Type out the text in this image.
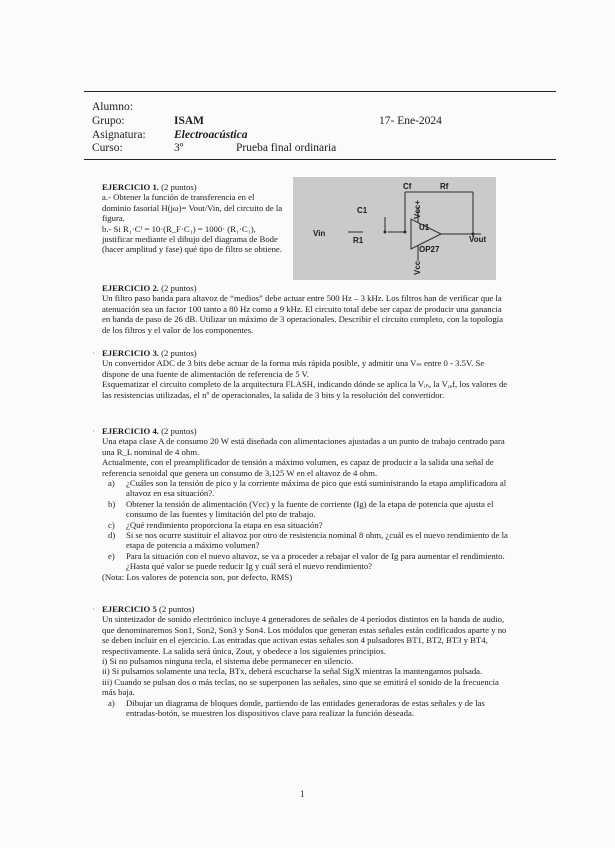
Alumno:
Grupo:	ISAM	17- Ene-2024
Asignatura: Electroacústica
Curso:	3º	Prueba final ordinaria

EJERCICIO 1. (2 puntos)

a.- Obtener la función de transferencia en el dominio fasorial H(jω)= Vout/Vin, del circuito de la figura.

b.- Si R₁·Cᶠ = 10·(R_F·C₁) = 1000· (R₁·C₁), justificar mediante el dibujo del diagrama de Bode (hacer amplitud y fase) qué tipo de filtro se obtiene.

Cf	Rf
C1	Vcc+
U1
Vin
R1	Vout
OP27
Vcc-

EJERCICIO 2. (2 puntos)

Un filtro paso banda para altavoz de “medios” debe actuar entre 500 Hz – 3 kHz. Los filtros han de verificar que la atenuación sea un factor 100 tanto a 80 Hz como a 9 kHz. El circuito total debe ser capaz de producir una ganancia en banda de paso de 26 dB. Utilizar un máximo de 3 operacionales. Describir el circuito completo, con la topología de los filtros y el valor de los componentes.

EJERCICIO 3. (2 puntos)

Un convertidor ADC de 3 bits debe actuar de la forma más rápida posible, y admitir una Vₘ entre 0 - 3.5V. Se dispone de una fuente de alimentación de referencia de 5 V.

Esquematizar el circuito completo de la arquitectura FLASH, indicando dónde se aplica la Vᵢₙ, la Vᵣₑf, los valores de las resistencias utilizadas, el nº de operacionales, la salida de 3 bits y la resolución del convertidor.

EJERCICIO 4. (2 puntos)

Una etapa clase A de consumo 20 W está diseñada con alimentaciones ajustadas a un punto de trabajo centrado para una R_L nominal de 4 ohm.

Actualmente, con el preamplificador de tensión a máximo volumen, es capaz de producir a la salida una señal de referencia senoidal que genera un consumo de 3,125 W en el altavoz de 4 ohm.

a) ¿Cuáles son la tensión de pico y la corriente máxima de pico que está suministrando la etapa amplificadora al altavoz en esa situación?.
b) Obtener la tensión de alimentación (Vcc) y la fuente de corriente (Ig) de la etapa de potencia que ajusta el consumo de las fuentes y limitación del pto de trabajo.
c) ¿Qué rendimiento proporciona la etapa en esa situación?
d) Si se nos ocurre sustituir el altavoz por otro de resistencia nominal 8 ohm, ¿cuál es el nuevo rendimiento de la etapa de potencia a máximo volumen?
e) Para la situación con el nuevo altavoz, se va a proceder a rebajar el valor de Ig para aumentar el rendimiento. ¿Hasta qué valor se puede reducir Ig y cuál será el nuevo rendimiento?

(Nota: Los valores de potencia son, por defecto, RMS)

EJERCICIO 5 (2 puntos)

Un sintetizador de sonido electrónico incluye 4 generadores de señales de 4 períodos distintos en la banda de audio, que denominaremos Son1, Son2, Son3 y Son4. Los módulos que generan estas señales están codificados aparte y no se deben incluir en el ejercicio. Las entradas que activan estas señales son 4 pulsadores BT1, BT2, BT3 y BT4, respectivamente. La salida será única, Zout, y obedece a los siguientes principios.

i) Si no pulsamos ninguna tecla, el sistema debe permanecer en silencio.

ii) Si pulsamos solamente una tecla, BTx, deberá escucharse la señal SigX mientras la mantengamos pulsada.

iii) Cuando se pulsan dos o más teclas, no se superponen las señales, sino que se emitirá el sonido de la frecuencia más baja.

a) Dibujar un diagrama de bloques donde, partiendo de las entidades generadoras de estas señales y de las entradas-botón, se muestren los dispositivos clave para realizar la función deseada.
·
·
·
1
